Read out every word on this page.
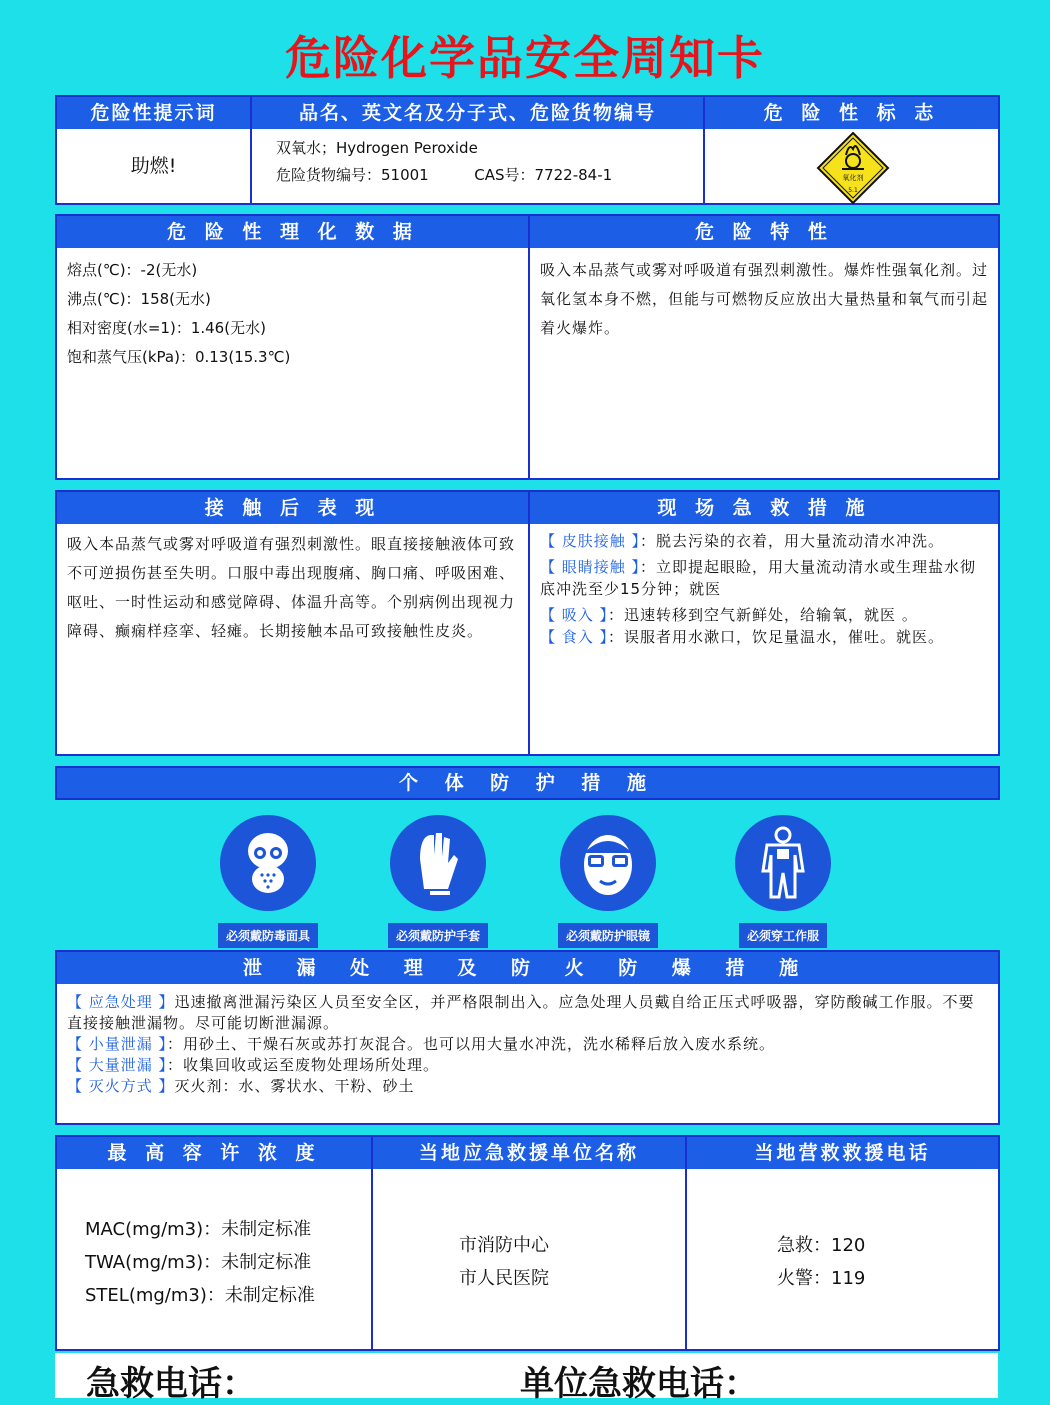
危险化学品安全周知卡
危险性提示词
助燃!
品名、英文名及分子式、危险货物编号
双氧水；Hydrogen Peroxide
危险货物编号：51001	CAS号：7722-84-1
危 险 性 标 志
氧化剂
5.1
危 险 性 理 化 数 据
熔点(℃)：-2(无水)
沸点(℃)：158(无水)
相对密度(水=1)：1.46(无水)
饱和蒸气压(kPa)：0.13(15.3℃)
危 险 特 性
吸入本品蒸气或雾对呼吸道有强烈刺激性。爆炸性强氧化剂。过氧化氢本身不燃，但能与可燃物反应放出大量热量和氧气而引起着火爆炸。
接 触 后 表 现
吸入本品蒸气或雾对呼吸道有强烈刺激性。眼直接接触液体可致不可逆损伤甚至失明。口服中毒出现腹痛、胸口痛、呼吸困难、呕吐、一时性运动和感觉障碍、体温升高等。个别病例出现视力障碍、癫痫样痉挛、轻瘫。长期接触本品可致接触性皮炎。
现 场 急 救 措 施
【 皮肤接触 】：脱去污染的衣着，用大量流动清水冲洗。
【 眼睛接触 】：立即提起眼睑，用大量流动清水或生理盐水彻底冲洗至少15分钟；就医
【 吸入 】：迅速转移到空气新鲜处，给输氧，就医 。
【 食入 】：误服者用水漱口，饮足量温水，催吐。就医。
个 体 防 护 措 施
必须戴防毒面具	必须戴防护手套	必须戴防护眼镜	必须穿工作服
泄 漏 处 理 及 防 火 防 爆 措 施
【 应急处理 】迅速撤离泄漏污染区人员至安全区，并严格限制出入。应急处理人员戴自给正压式呼吸器，穿防酸碱工作服。不要直接接触泄漏物。尽可能切断泄漏源。
【 小量泄漏 】：用砂土、干燥石灰或苏打灰混合。也可以用大量水冲洗，洗水稀释后放入废水系统。
【 大量泄漏 】：收集回收或运至废物处理场所处理。
【 灭火方式 】灭火剂：水、雾状水、干粉、砂土
最 高 容 许 浓 度
MAC(mg/m3)：未制定标准
TWA(mg/m3)：未制定标准
STEL(mg/m3)：未制定标准
当地应急救援单位名称
市消防中心
市人民医院
当地营救救援电话
急救：120
火警：119
急救电话：	单位急救电话：
